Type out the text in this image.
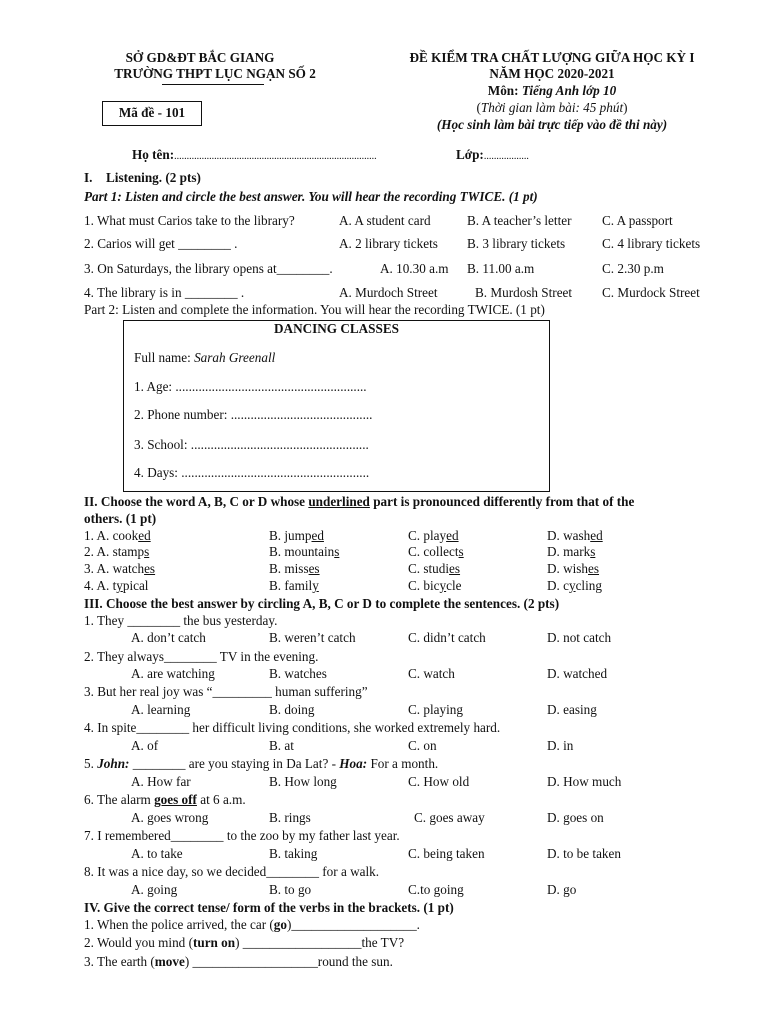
SỞ GD&ĐT BẮC GIANG
TRƯỜNG THPT LỤC NGẠN SỐ 2
Mã đề - 101
ĐỀ KIỂM TRA CHẤT LƯỢNG GIỮA HỌC KỲ I
NĂM HỌC 2020-2021
Môn: Tiếng Anh lớp 10
(Thời gian làm bài: 45 phút)
(Học sinh làm bài trực tiếp vào đề thi này)
Họ tên:.................................................................................	Lớp:..................
I.  Listening. (2 pts)
Part 1: Listen and circle the best answer. You will hear the recording TWICE. (1 pt)
1. What must Carios take to the library?	A. A student card	B. A teacher’s letter C. A passport
2. Carios will get ________ .	A. 2 library tickets B. 3 library tickets	C. 4 library tickets
3. On Saturdays, the library opens at________.	A. 10.30 a.m B. 11.00 a.m	C. 2.30 p.m
4. The library is in ________ .	A. Murdoch Street	B. Murdosh Street C. Murdock Street
Part 2: Listen and complete the information. You will hear the recording TWICE. (1 pt)
DANCING CLASSES
Full name: Sarah Greenall
1. Age: ..........................................................
2. Phone number: ...........................................
3. School: ......................................................
4. Days: .........................................................
II. Choose the word A, B, C or D whose underlined part is pronounced differently from that of the
others. (1 pt)
1. A. cooked	B. jumped	C. played	D. washed
2. A. stamps	B. mountains	C. collects	D. marks
3. A. watches	B. misses	C. studies	D. wishes
4. A. typical	B. family	C. bicycle	D. cycling
III. Choose the best answer by circling A, B, C or D to complete the sentences. (2 pts)
1. They ________ the bus yesterday.
A. don’t catch	B. weren’t catch	C. didn’t catch	D. not catch
2. They always________ TV in the evening.
A. are watching	B. watches	C. watch	D. watched
3. But her real joy was “_________ human suffering”
A. learning	B. doing	C. playing	D. easing
4. In spite________ her difficult living conditions, she worked extremely hard.
A. of	B. at	C. on	D. in
5. John: ________ are you staying in Da Lat? - Hoa: For a month.
A. How far	B. How long	C. How old	D. How much
6. The alarm goes off at 6 a.m.
A. goes wrong	B. rings	C. goes away	D. goes on
7. I remembered________ to the zoo by my father last year.
A. to take	B. taking	C. being taken	D. to be taken
8. It was a nice day, so we decided________ for a walk.
A. going	B. to go	C.to going	D. go
IV. Give the correct tense/ form of the verbs in the brackets. (1 pt)
1. When the police arrived, the car (go)___________________.
2. Would you mind (turn on) __________________the TV?
3. The earth (move) ___________________round the sun.
